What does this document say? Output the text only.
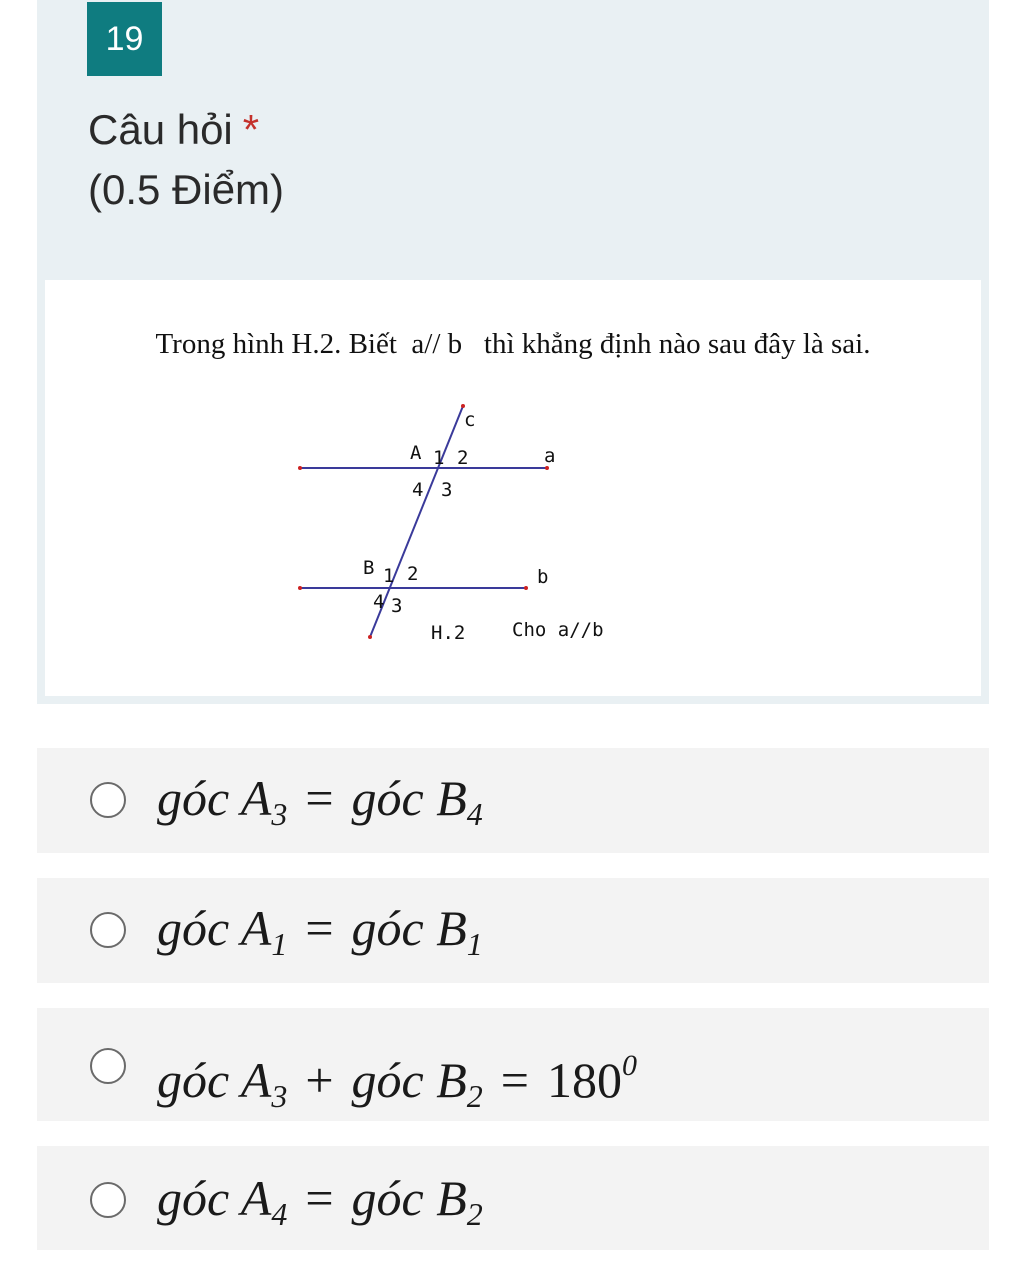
19
Câu hỏi *
(0.5 Điểm)
Trong hình H.2. Biết  a// b   thì khẳng định nào sau đây là sai.
c
A 1 2
4 3
a
B 1 2	b
4 3
H.2 Cho a//b
góc $A_3$ = góc $B_4$
góc $A_1$ = góc $B_1$
góc $A_3$ + góc $B_2 = 180^0$
góc $A_4$ = góc $B_2$
